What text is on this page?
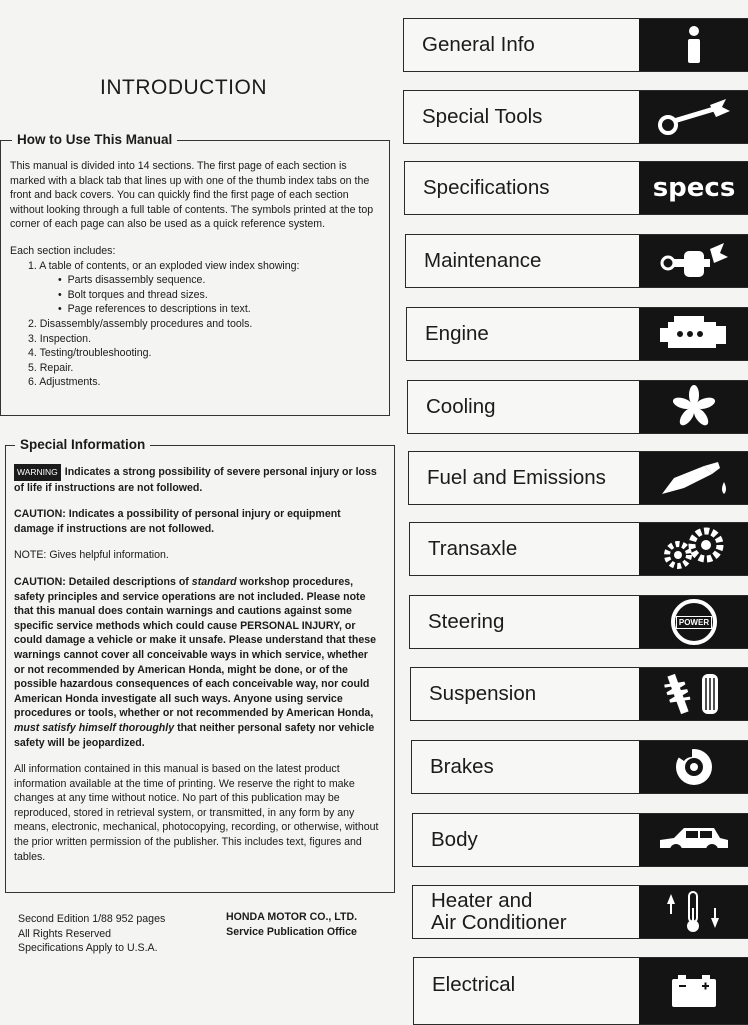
INTRODUCTION
How to Use This Manual

This manual is divided into 14 sections. The first page of each section is marked with a black tab that lines up with one of the thumb index tabs on the front and back covers. You can quickly find the first page of each section without looking through a full table of contents. The symbols printed at the top corner of each page can also be used as a quick reference system.

Each section includes:

1. A table of contents, or an exploded view index showing:
•  Parts disassembly sequence.
•  Bolt torques and thread sizes.
•  Page references to descriptions in text.
2. Disassembly/assembly procedures and tools.
3. Inspection.
4. Testing/troubleshooting.
5. Repair.
6. Adjustments.
Special Information

WARNING Indicates a strong possibility of severe personal injury or loss of life if instructions are not followed.

CAUTION: Indicates a possibility of personal injury or equipment damage if instructions are not followed.

NOTE: Gives helpful information.

CAUTION: Detailed descriptions of standard workshop procedures, safety principles and service operations are not included. Please note that this manual does contain warnings and cautions against some specific service methods which could cause PERSONAL INJURY, or could damage a vehicle or make it unsafe. Please understand that these warnings cannot cover all conceivable ways in which service, whether or not recommended by American Honda, might be done, or of the possible hazardous consequences of each conceivable way, nor could American Honda investigate all such ways. Anyone using service procedures or tools, whether or not recommended by American Honda, must satisfy himself thoroughly that neither personal safety nor vehicle safety will be jeopardized.

All information contained in this manual is based on the latest product information available at the time of printing. We reserve the right to make changes at any time without notice. No part of this publication may be reproduced, stored in retrieval system, or transmitted, in any form by any means, electronic, mechanical, photocopying, recording, or otherwise, without the prior written permission of the publisher. This includes text, figures and tables.

Second Edition 1/88 952 pages
All Rights Reserved
Specifications Apply to U.S.A.
HONDA MOTOR CO., LTD.
Service Publication Office
General Info
Special Tools
Specifications	specs
Maintenance
Engine
Cooling
Fuel and Emissions
Transaxle
Steering	POWER
Suspension
Brakes
Body
Heater and
Air Conditioner
Electrical
